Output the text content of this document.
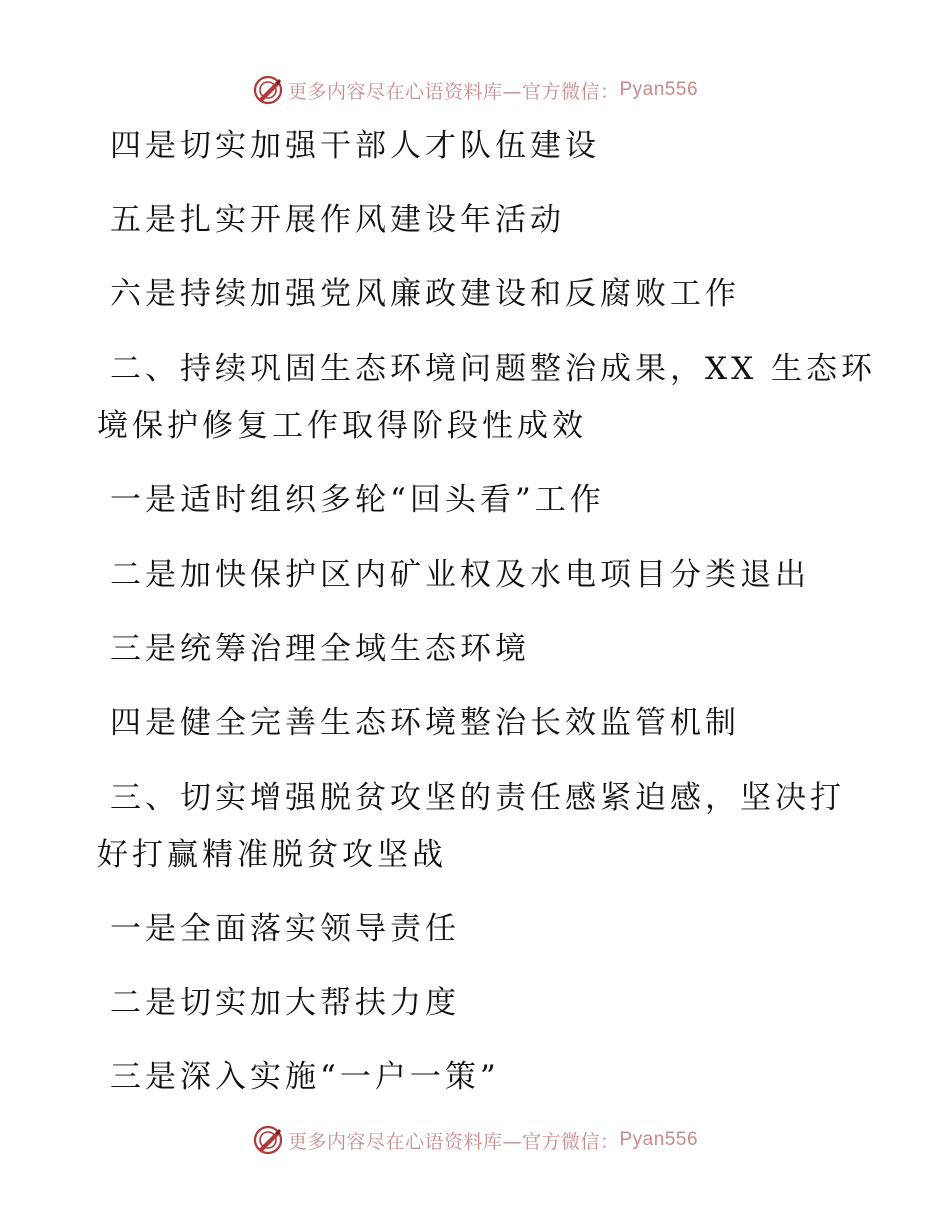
更多内容尽在心语资料库—官方微信： Pyan556
四是切实加强干部人才队伍建设
五是扎实开展作风建设年活动
六是持续加强党风廉政建设和反腐败工作
二、持续巩固生态环境问题整治成果，XX 生态环
境保护修复工作取得阶段性成效
一是适时组织多轮“回头看”工作
二是加快保护区内矿业权及水电项目分类退出
三是统筹治理全域生态环境
四是健全完善生态环境整治长效监管机制
三、切实增强脱贫攻坚的责任感紧迫感，坚决打
好打赢精准脱贫攻坚战
一是全面落实领导责任
二是切实加大帮扶力度
三是深入实施“一户一策”
更多内容尽在心语资料库—官方微信： Pyan556
